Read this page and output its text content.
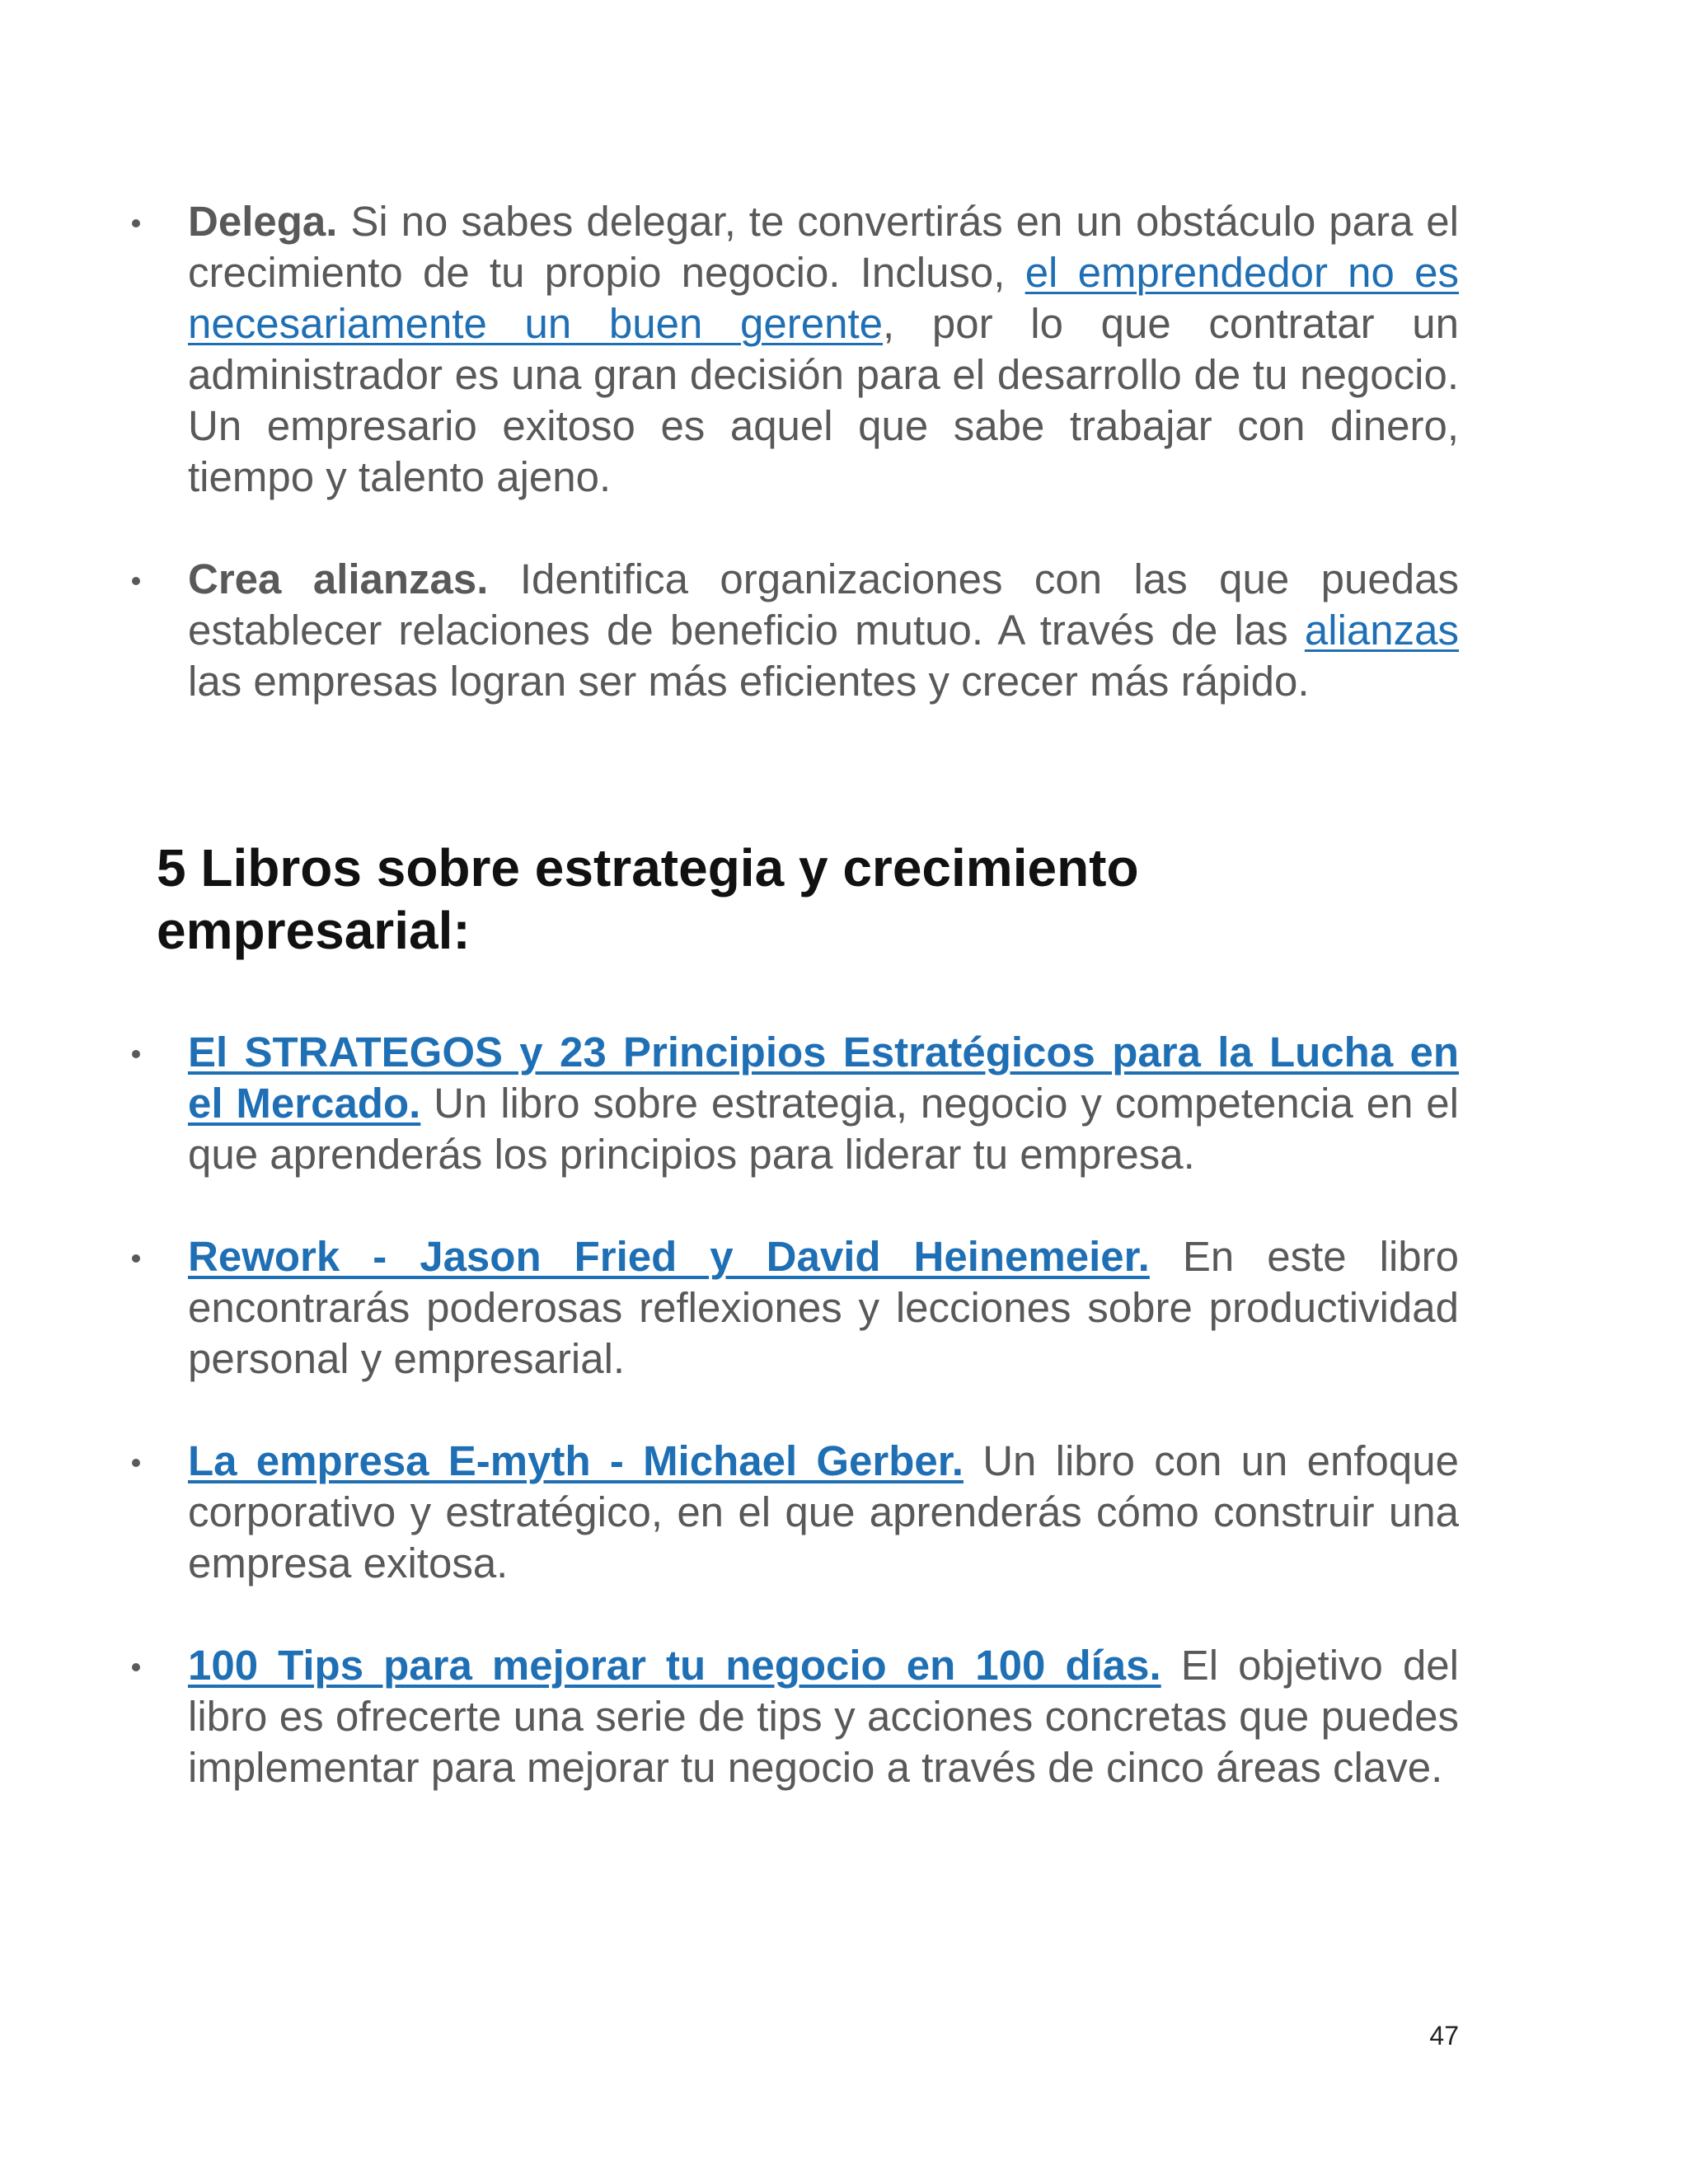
Delega. Si no sabes delegar, te convertirás en un obstáculo para el crecimiento de tu propio negocio. Incluso, el emprendedor no es necesariamente un buen gerente, por lo que contratar un administrador es una gran decisión para el desarrollo de tu negocio. Un empresario exitoso es aquel que sabe trabajar con dinero, tiempo y talento ajeno.
Crea alianzas. Identifica organizaciones con las que puedas establecer relaciones de beneficio mutuo. A través de las alianzas las empresas logran ser más eficientes y crecer más rápido.
5 Libros sobre estrategia y crecimiento empresarial:
El STRATEGOS y 23 Principios Estratégicos para la Lucha en el Mercado. Un libro sobre estrategia, negocio y competencia en el que aprenderás los principios para liderar tu empresa.
Rework - Jason Fried y David Heinemeier. En este libro encontrarás poderosas reflexiones y lecciones sobre productividad personal y empresarial.
La empresa E-myth - Michael Gerber. Un libro con un enfoque corporativo y estratégico, en el que aprenderás cómo construir una empresa exitosa.
100 Tips para mejorar tu negocio en 100 días. El objetivo del libro es ofrecerte una serie de tips y acciones concretas que puedes implementar para mejorar tu negocio a través de cinco áreas clave.
47
